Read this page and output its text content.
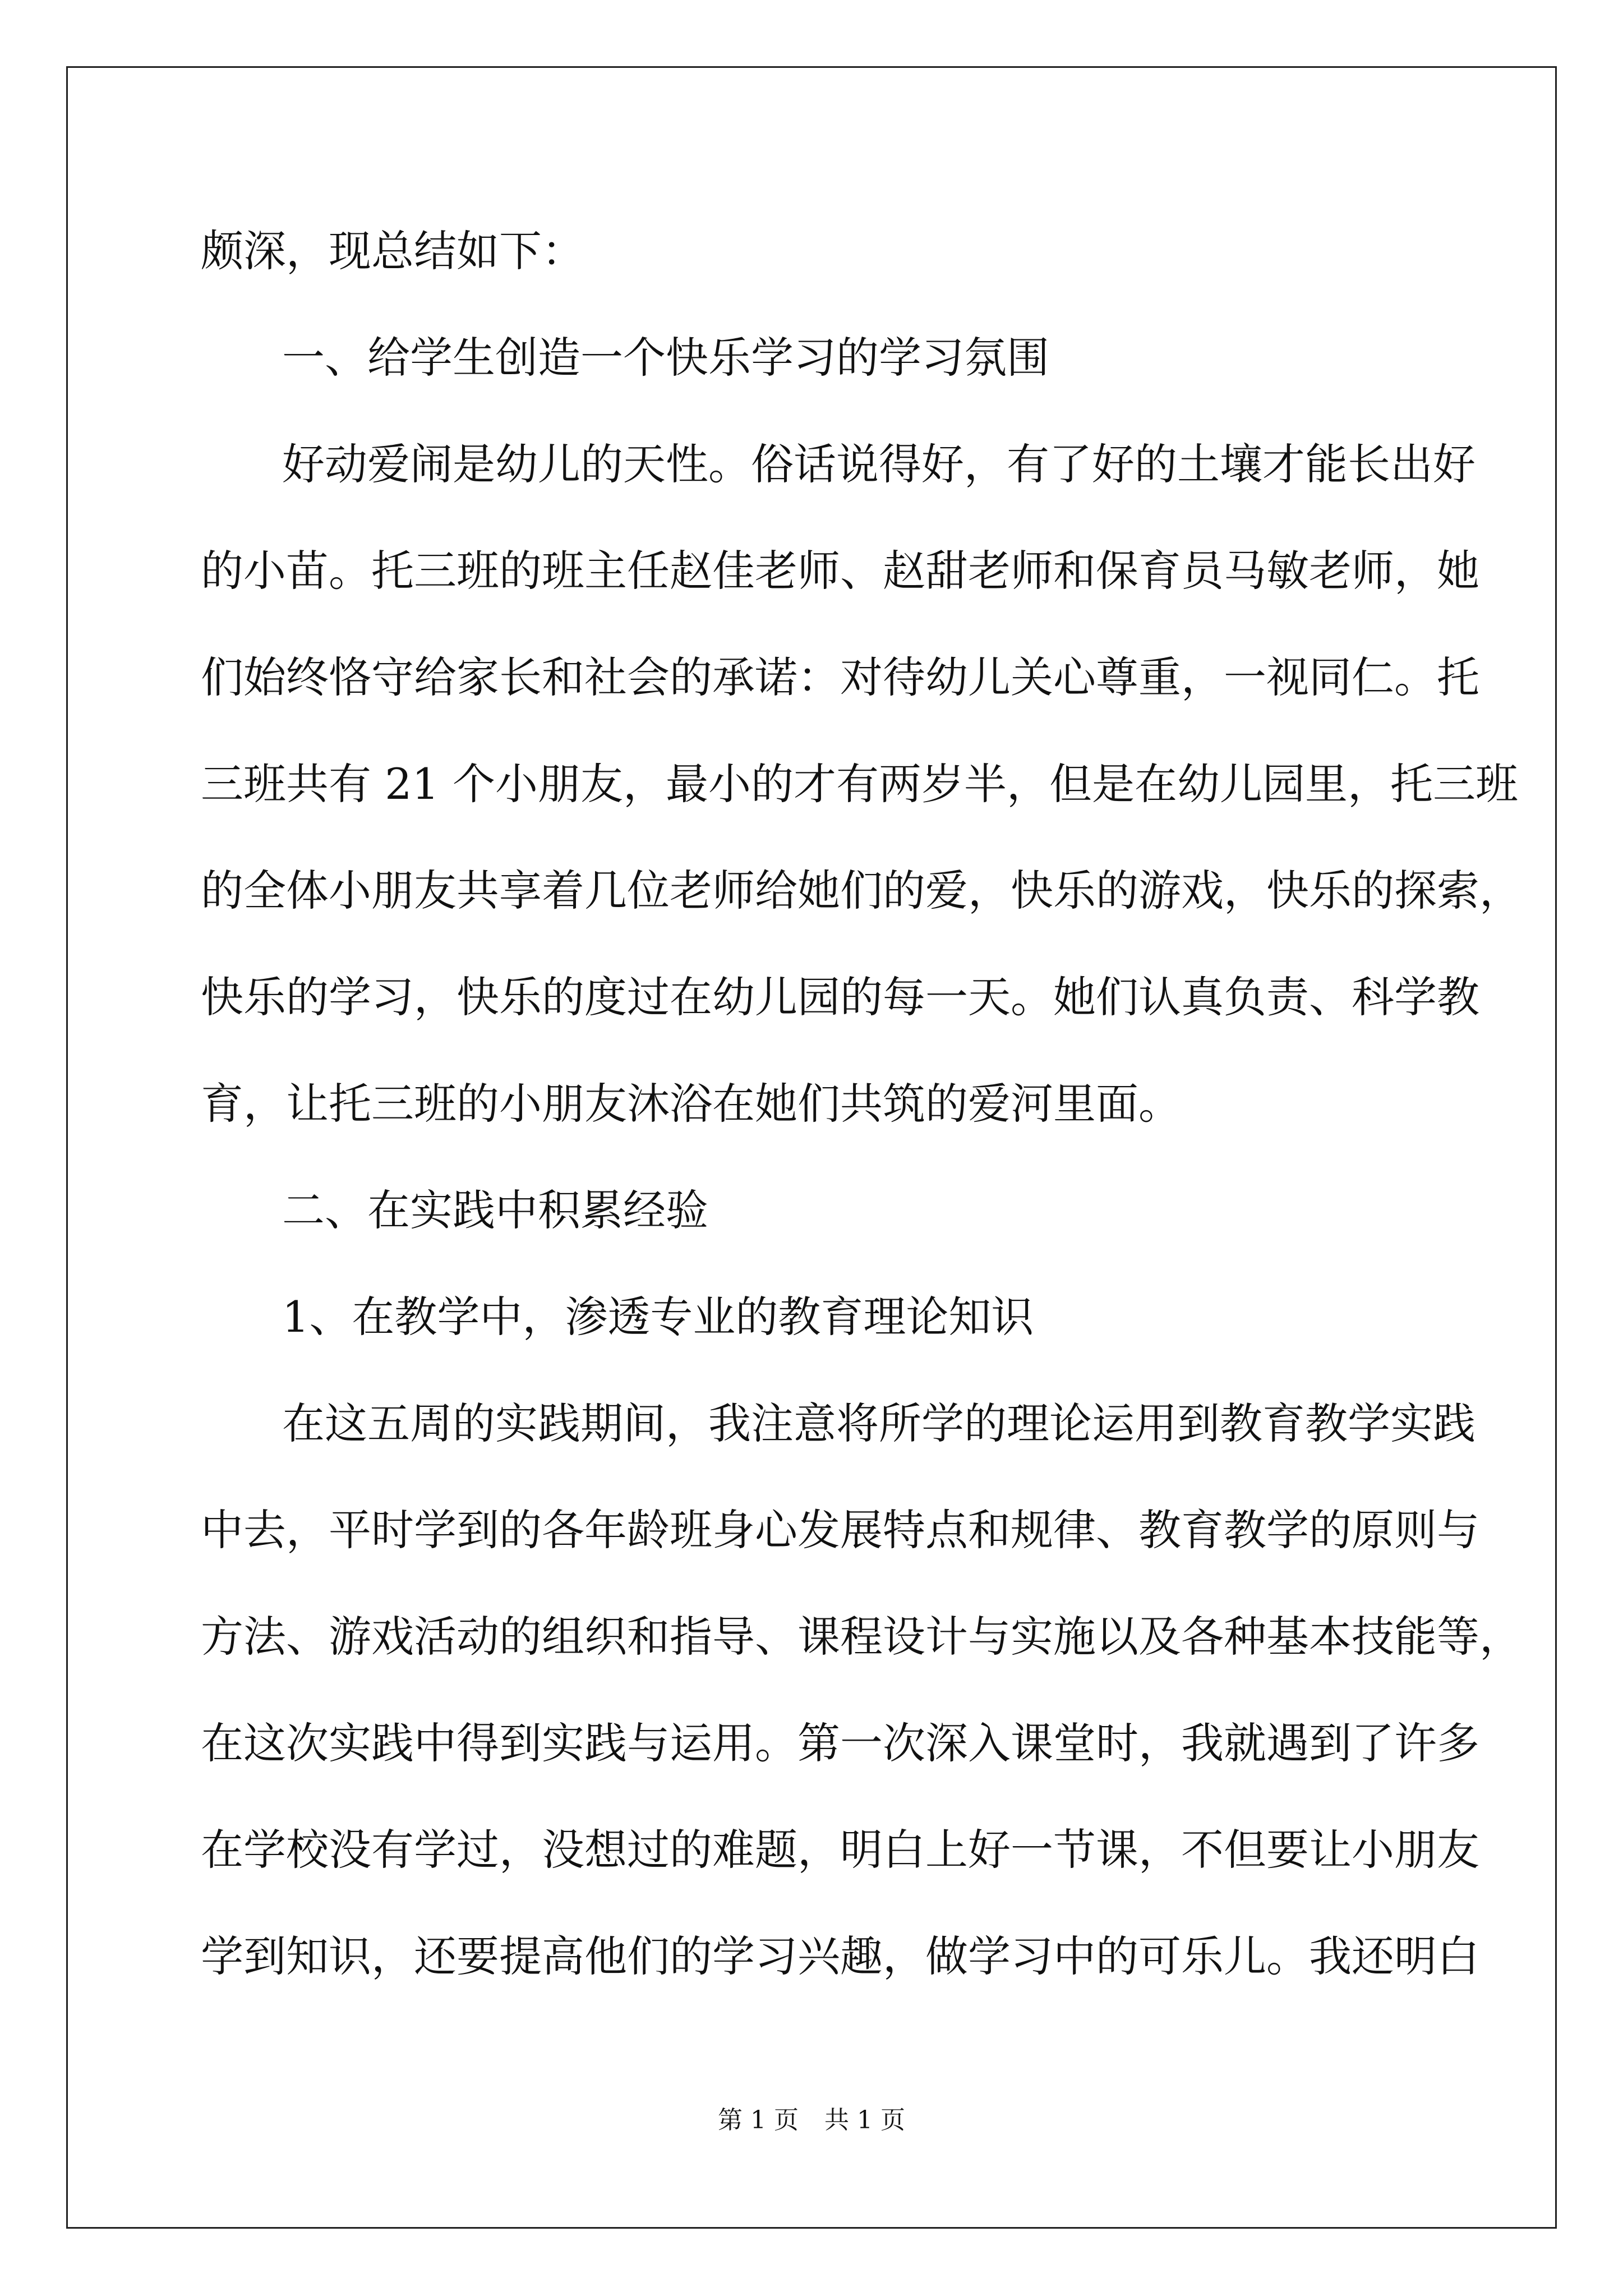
颇深，现总结如下：
一、给学生创造一个快乐学习的学习氛围
好动爱闹是幼儿的天性。俗话说得好，有了好的土壤才能长出好
的小苗。托三班的班主任赵佳老师、赵甜老师和保育员马敏老师，她
们始终恪守给家长和社会的承诺：对待幼儿关心尊重，一视同仁。托
三班共有 21 个小朋友，最小的才有两岁半，但是在幼儿园里，托三班
的全体小朋友共享着几位老师给她们的爱，快乐的游戏，快乐的探索，
快乐的学习，快乐的度过在幼儿园的每一天。她们认真负责、科学教
育，让托三班的小朋友沐浴在她们共筑的爱河里面。
二、在实践中积累经验
1、在教学中，渗透专业的教育理论知识
在这五周的实践期间，我注意将所学的理论运用到教育教学实践
中去，平时学到的各年龄班身心发展特点和规律、教育教学的原则与
方法、游戏活动的组织和指导、课程设计与实施以及各种基本技能等，
在这次实践中得到实践与运用。第一次深入课堂时，我就遇到了许多
在学校没有学过，没想过的难题，明白上好一节课，不但要让小朋友
学到知识，还要提高他们的学习兴趣，做学习中的可乐儿。我还明白
第 1 页 共 1 页
